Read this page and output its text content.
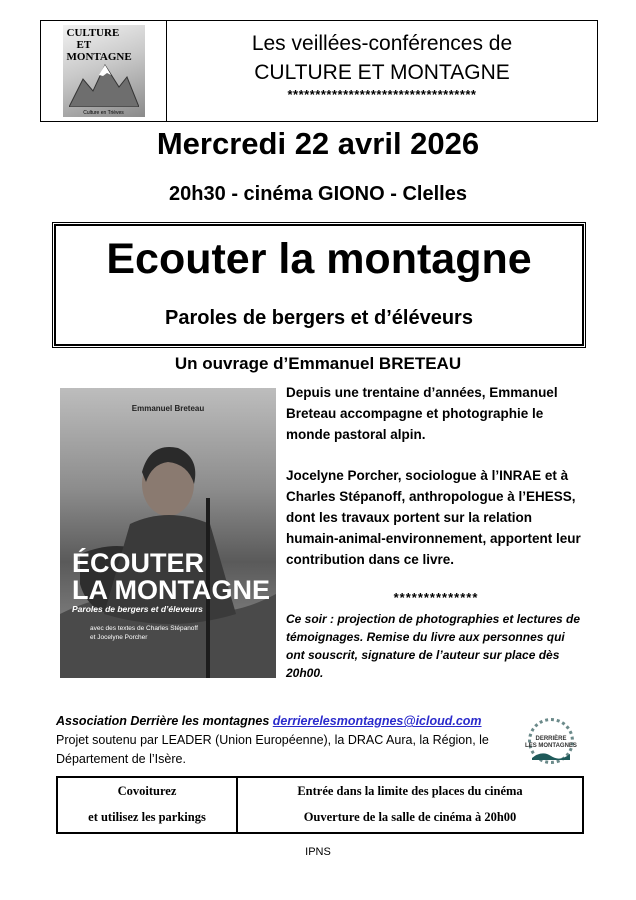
CULTURE
ET
MONTAGNE
Culture en Trièves
Les veillées-conférences de
CULTURE ET MONTAGNE
**********************************
Mercredi 22 avril 2026
20h30 - cinéma GIONO - Clelles
Ecouter la montagne
Paroles de bergers et d’éléveurs
Un ouvrage d’Emmanuel BRETEAU
Emmanuel Breteau
ÉCOUTER
LA MONTAGNE
Paroles de bergers et d’éleveurs
avec des textes de Charles Stépanoff
et Jocelyne Porcher

Depuis une trentaine d’années, Emmanuel Breteau accompagne et photographie le monde pastoral alpin.

Jocelyne Porcher, sociologue à l’INRAE et à Charles Stépanoff, anthropologue à l’EHESS, dont les travaux portent sur la relation humain-animal-environnement, apportent leur contribution dans ce livre.

**************
Ce soir : projection de photographies et lectures de témoignages. Remise du livre aux personnes qui ont souscrit, signature de l’auteur sur place dès 20h00.
Association Derrière les montagnes derrierelesmontagnes@icloud.com
Projet soutenu par LEADER (Union Européenne), la DRAC Aura, la Région, le Département de l’Isère.
DERRIÈRE
LES MONTAGNES
Covoiturez
et utilisez les parkings
Entrée dans la limite des places du cinéma
Ouverture de la salle de cinéma à 20h00
IPNS
